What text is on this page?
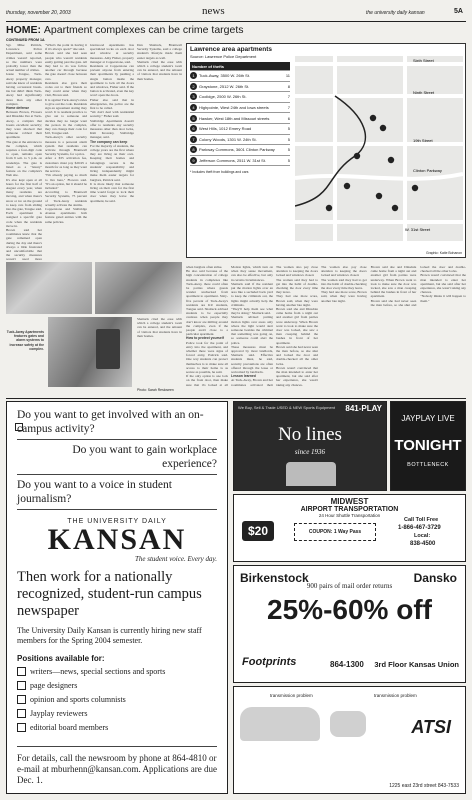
thursday, november 20, 2003	news	the university daily kansan	5A
HOME: Apartment complexes can be crime targets
CONTINUED FROM 1A

Sgt. Mike Pattrick, Lawrence Police Department, said some crimes weren't reported, so the numbers were probably lower than the actual number of crimes.

Jessie Tongue, Tuck-Away property manager, said she knew of residents having occasional break-ins but didn't think Tuck-Away had significantly more than any other complex.

Home defense

Between Brown, Flowers and Dinsdale live at Tuck-Away, a complex that boasts excellent security; they were shocked that someone robbed their apartment.

The gate at the entrance to the complex, which requires a four-digit code to open, remains open from 9 a.m. to 5 p.m. on weekdays. The gate is listed as a "luxury" feature on the complex's Web site.

It's also kept open at all hours for the first half of August every year, when many residents are moving, and when there's snow or ice on the ground to keep cars from sliding into the gate, Tongue said. Each apartment is assigned a specific gate code when the residents move in.

Brown said her roommates knew that the gate remained open during the day and there's always a little frustrated and uncomfortable that the security measures weren't used more

"What's the point in having it if it's always open?" she said.

Brown said she had seen people who weren't residents easily getting past the gate. All they had to do was follow another car through because the gate doesn't close between cars.

Residents also gave their codes out to their friends so they could enter when they visit, Brown said.

It is against Tuck-Away's rules to give out the code. Residents sign an agreement stating they won't. It is resident practice to give out to someone and decides they no longer want the person in the complex, they can change their code for $10, Tongue said.

Tuck-Away's other security measure is a personal alarm system that residents can activate through Brantwell Security Systems, for a price.

After a $35 activation fee, customers must pay $26.95 a month for as long as they want the service.

"I'm already paying so much to live here," Flowers said. "It's an option, but it should be included."

According to Brantwell Security Systems, 75 percent of Tuck-Away residents actually activate the alarms.

Copperstone and Stalbridge Avenue apartments both feature gated entries with the same policies.

Glenwood Apartments has specialized locks on each door and window at security measures. Amy Fisher, property manager at Copperstone, said.

Residents at Copperstone can prevent anyone from entering their apartments by pushing a single button inside the apartment to lock all the doors and windows, Fisher said. If the button is activated, even the key won't open the doors.

Fisher also said that in emergencies, the police are the first to be called.

"We don't deal with residential security," Fisher said.

Stalbridge Apartments doesn't offer to residents any security measures other than door locks, Kim Krossley, Stalbridge manager, said.

The company can keep

For the majority of students, the college years are the first where they are living on their own. Keeping their homes and belongings secure is the students' responsibility and living independently might make them easier targets for burglars, Pattrick said.

It is more likely that someone living on their own for the first time would forget to lock their door when they leave the apartment, he said.

Dan Shattuck, Brantwell Security Systems, said a college student's lifestyle made them easier targets as well.

Shattuck cited the ease with which a college student's room can be entered, and the amount of visitors that students have in their homes.

Tuck-Away Apartments features gates and alarm systems to increase safety at the complex.

Shattuck cited the ease with which a college student's room can be entered, and the amount of visitors that students have in their homes.

when burglars often strike.

He also said because of the high concentration of college students in complexes like Tuck-Away, there could often be parties where guests wander unchecked from apartment to apartment. Sixty-five percent of Tuck-Away's residents are KU students, Tongue said. Shattuck advised students to be especially cautious when people they don't know are milling around the complex, even if the people aren't close to a particular apartment.

How to protect yourself

Police took for the point of entry into the apartment, and whether there were signs of forced entry, Pattrick said. One way students can protect themselves is to make sure all access to their home is as secure as possible, he said.

If the only option is one lock on the front door, then make sure that it's locked at all

Motion lights, which turn on when they sense movement, can also be effective, but only in certain circumstances.

Shattuck said if the resident put the motion lights over an area like a secluded back yard to keep the criminals out, the lights might actually help the criminals.

"They'll help them see what they're doing," Shattuck said.

Shattuck advised putting motion lights over areas only where the light would alert someone besides the criminal that something was going on, so someone could alert the police.

These measures must be approved by most landlords, Shattuck said. Effective students must, he said, security precautions are often offered through the lease or welcomed by landlords.

Lesson learned

At Tuck-Away, Brown and her roommates activated their

The women also pay close attention to keeping the doors locked and windows closed.

The women said they had to get into the habit of double-checking the door every time they leave.

They had one more scare, Brown said, when they were having another late night.

Brown said she and Dinsdale came home from a night out and another girl from parties were underway. When Brown went to look to make sure the door was locked, she saw a man creeping behind the bushes in front of her apartment.

Brown said she had never seen the man before, so she shut and locked the door and double-checked all the other locks.

Brown wasn't convinced that the man intended to enter her apartment, but she said after her experience, she wasn't taking any chances.

The women also pay close attention to keeping the doors locked and windows closed.

The women said they had to get into the habit of double-checking the door every time they leave.

They had one more scare, Brown said, when they were having another late night.

Brown said she and Dinsdale came home from a night out and another girl from parties were underway. When Brown went to look to make sure the door was locked, she saw a man creeping behind the bushes in front of her apartment.

Brown said she had never seen the man before, so she shut and locked the door and double-checked all the other locks.

Brown wasn't convinced that the man intended to enter her apartment, but she said after her experience, she wasn't taking any chances.

"Nobody thinks it will happen to them."

Lawrence area apartments
Source: Lawrence Police Department
Number of thefts
1	Tuck-Away, 3500 W. 26th St.	11
2	Graystone, 2512 W. 26th St.	8
3	Coolidge, 2500 W. 26th St.	7
4	Highpointe, West 24th and Iowa streets	7
5	Hawker, West 18th and Missouri streets	6
6	West Hills, 1012 Emery Road	5
7	Colony Woods, 1301 W. 24th St.	5
8	Parkway Commons, 3601 Clinton Parkway	5
9	Jefferson Commons, 2511 W. 31st St.	5
* Includes theft from buildings and cars
Sixth Street
Ninth Street
19th Street
Clinton Parkway
W. 31st Street
Graphic: Katie Bohanon
Photo: Sarah Resloseen
Do you want to get involved with an on-campus activity?
Do you want to gain workplace experience?
Do you want to a voice in student journalism?
THE UNIVERSITY DAILY
KANSAN
The student voice. Every day.
Then work for a nationally recognized, student-run campus newspaper
The University Daily Kansan is currently hiring new staff members for the Spring 2004 semester.
Positions available for:
writers—news, special sections and sports
page designers
opinion and sports columnists
Jayplay reviewers
editorial board members
For details, call the newsroom by phone at 864-4810 or e-mail at mburhenn@kansan.com. Applications are due Dec. 1.
We Buy, Sell & Trade USED & NEW Sports Equipment	841-PLAY
No lines
since 1936
JAYPLAY LIVE
TONIGHT
BOTTLENECK
MIDWEST
AIRPORT TRANSPORTATION
24 Hour Shuttle Transportation
$20	COUPON: 1 Way Pass
Call Toll Free
1-866-467-3729
Local:
838-4500
Birkenstock	Dansko
900 pairs of mail order returns
25%-60% off
Footprints	864-1300 3rd Floor Kansas Union
transmission problem	transmission problem
ATSI
1225 east 23rd street 843-7533
